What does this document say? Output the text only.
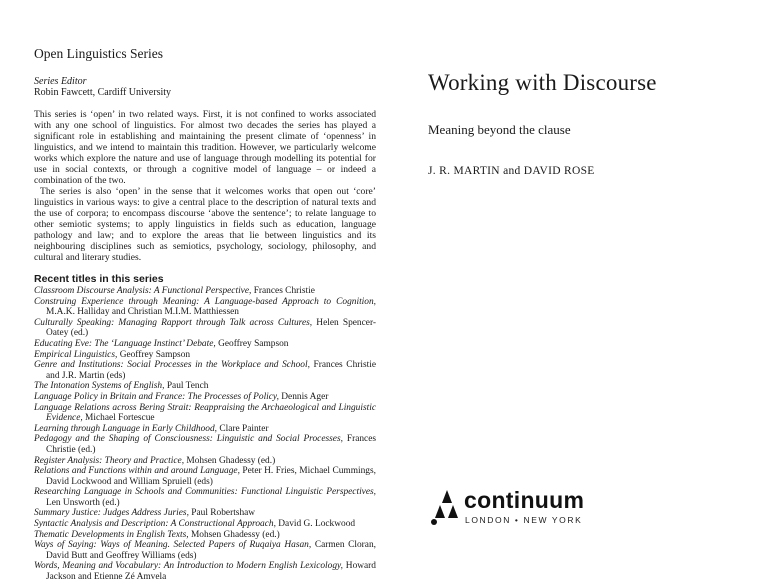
Open Linguistics Series
Series Editor
Robin Fawcett, Cardiff University

This series is ‘open’ in two related ways. First, it is not confined to works associated with any one school of linguistics. For almost two decades the series has played a significant role in establishing and maintaining the present climate of ‘openness’ in linguistics, and we intend to maintain this tradition. However, we particularly welcome works which explore the nature and use of language through modelling its potential for use in social contexts, or through a cognitive model of language – or indeed a combination of the two.

The series is also ‘open’ in the sense that it welcomes works that open out ‘core’ linguistics in various ways: to give a central place to the description of natural texts and the use of corpora; to encompass discourse ‘above the sentence’; to relate language to other semiotic systems; to apply linguistics in fields such as education, language pathology and law; and to explore the areas that lie between linguistics and its neighbouring disciplines such as semiotics, psychology, sociology, philosophy, and cultural and literary studies.

Recent titles in this series
Classroom Discourse Analysis: A Functional Perspective, Frances Christie
Construing Experience through Meaning: A Language-based Approach to Cognition, M.A.K. Halliday and Christian M.I.M. Matthiessen
Culturally Speaking: Managing Rapport through Talk across Cultures, Helen Spencer-Oatey (ed.)
Educating Eve: The ‘Language Instinct’ Debate, Geoffrey Sampson
Empirical Linguistics, Geoffrey Sampson
Genre and Institutions: Social Processes in the Workplace and School, Frances Christie and J.R. Martin (eds)
The Intonation Systems of English, Paul Tench
Language Policy in Britain and France: The Processes of Policy, Dennis Ager
Language Relations across Bering Strait: Reappraising the Archaeological and Linguistic Evidence, Michael Fortescue
Learning through Language in Early Childhood, Clare Painter
Pedagogy and the Shaping of Consciousness: Linguistic and Social Processes, Frances Christie (ed.)
Register Analysis: Theory and Practice, Mohsen Ghadessy (ed.)
Relations and Functions within and around Language, Peter H. Fries, Michael Cummings, David Lockwood and William Spruiell (eds)
Researching Language in Schools and Communities: Functional Linguistic Perspectives, Len Unsworth (ed.)
Summary Justice: Judges Address Juries, Paul Robertshaw
Syntactic Analysis and Description: A Constructional Approach, David G. Lockwood
Thematic Developments in English Texts, Mohsen Ghadessy (ed.)
Ways of Saying: Ways of Meaning. Selected Papers of Ruqaiya Hasan, Carmen Cloran, David Butt and Geoffrey Williams (eds)
Words, Meaning and Vocabulary: An Introduction to Modern English Lexicology, Howard Jackson and Etienne Zé Amvela
Working with Discourse
Meaning beyond the clause
J. R. MARTIN and DAVID ROSE
continuum
LONDON • NEW YORK
